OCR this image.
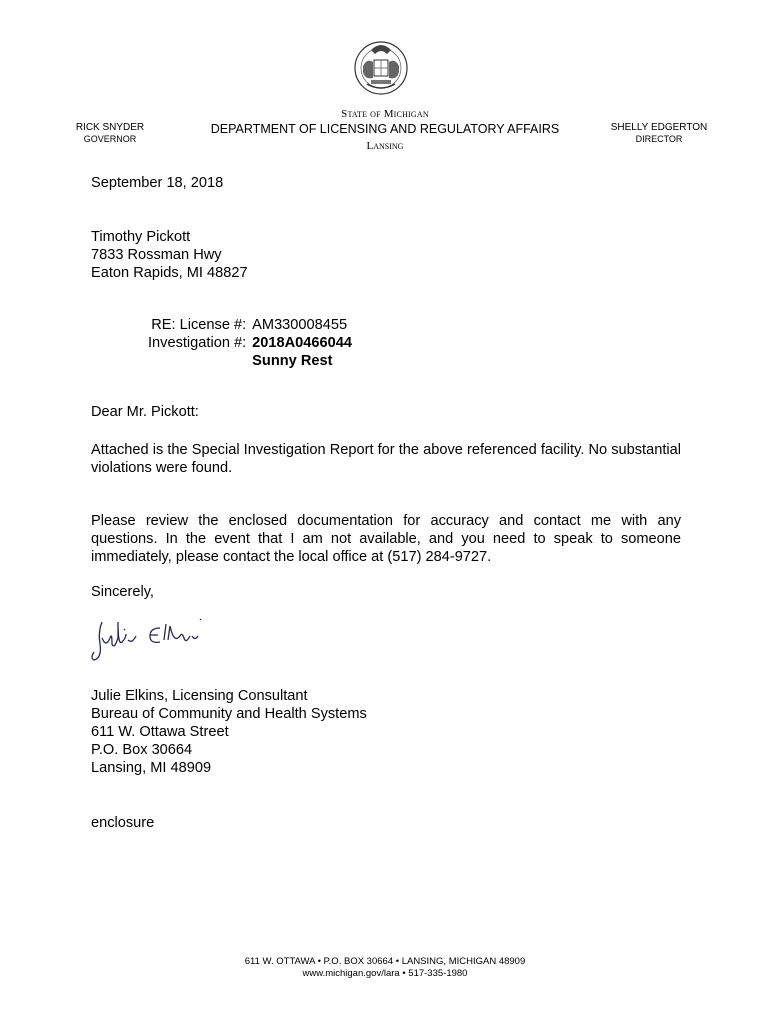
State of Michigan
DEPARTMENT OF LICENSING AND REGULATORY AFFAIRS
Lansing
RICK SNYDER
GOVERNOR
SHELLY EDGERTON
DIRECTOR
September 18, 2018
Timothy Pickott
7833 Rossman Hwy
Eaton Rapids, MI 48827
RE: License #:	AM330008455
Investigation #:	2018A0466044
	Sunny Rest
Dear Mr. Pickott:
Attached is the Special Investigation Report for the above referenced facility. No substantial violations were found.
Please review the enclosed documentation for accuracy and contact me with any questions. In the event that I am not available, and you need to speak to someone immediately, please contact the local office at (517) 284-9727.
Sincerely,
Julie Elkins, Licensing Consultant
Bureau of Community and Health Systems
611 W. Ottawa Street
P.O. Box 30664
Lansing, MI 48909
enclosure
611 W. OTTAWA • P.O. BOX 30664 • LANSING, MICHIGAN 48909
www.michigan.gov/lara • 517-335-1980
